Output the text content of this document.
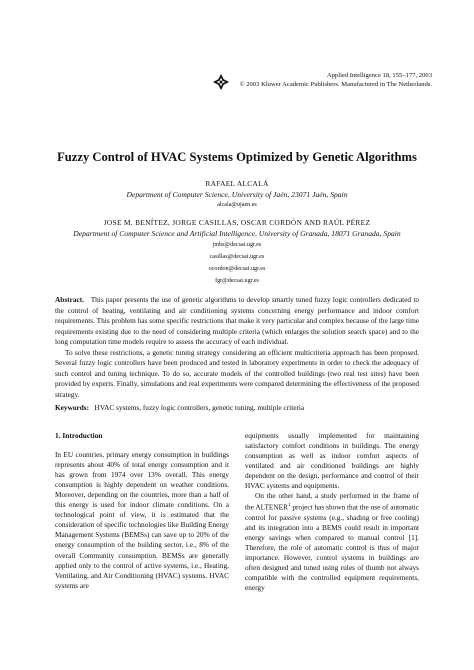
Applied Intelligence 18, 155–177, 2003
© 2003 Kluwer Academic Publishers. Manufactured in The Netherlands.
Fuzzy Control of HVAC Systems Optimized by Genetic Algorithms
RAFAEL ALCALÁ
Department of Computer Science, University of Jaén, 23071 Jaén, Spain
alcala@ujaen.es
JOSE M. BENÍTEZ, JORGE CASILLAS, OSCAR CORDÓN AND RAÚL PÉREZ
Department of Computer Science and Artificial Intelligence, University of Granada, 18071 Granada, Spain
jmbs@decsai.ugr.es
casillas@decsai.ugr.es
ocordon@decsai.ugr.es
fgr@decsai.ugr.es

Abstract. This paper presents the use of genetic algorithms to develop smartly tuned fuzzy logic controllers dedicated to the control of heating, ventilating and air conditioning systems concerning energy performance and indoor comfort requirements. This problem has some specific restrictions that make it very particular and complex because of the large time requirements existing due to the need of considering multiple criteria (which enlarges the solution search space) and to the long computation time models require to assess the accuracy of each individual.

To solve these restrictions, a genetic tuning strategy considering an efficient multicriteria approach has been proposed. Several fuzzy logic controllers have been produced and tested in laboratory experiments in order to check the adequacy of such control and tuning technique. To do so, accurate models of the controlled buildings (two real test sites) have been provided by experts. Finally, simulations and real experiments were compared determining the effectiveness of the proposed strategy.

Keywords: HVAC systems, fuzzy logic controllers, genetic tuning, multiple criteria

1. Introduction

In EU countries, primary energy consumption in buildings represents about 40% of total energy consumption and it has grown from 1974 over 13% overall. This energy consumption is highly dependent on weather conditions. Moreover, depending on the countries, more than a half of this energy is used for indoor climate conditions. On a technological point of view, it is estimated that the consideration of specific technologies like Building Energy Management Systems (BEMSs) can save up to 20% of the energy consumption of the building sector, i.e., 8% of the overall Community consumption. BEMSs are generally applied only to the control of active systems, i.e., Heating, Ventilating, and Air Conditioning (HVAC) systems. HVAC systems are

equipments usually implemented for maintaining satisfactory comfort conditions in buildings. The energy consumption as well as indoor comfort aspects of ventilated and air conditioned buildings are highly dependent on the design, performance and control of their HVAC systems and equipments.

On the other hand, a study performed in the frame of the ALTENER$^1$ project has shown that the use of automatic control for passive systems (e.g., shading or free cooling) and its integration into a BEMS could result in important energy savings when compared to manual control [1]. Therefore, the role of automatic control is thus of major importance. However, control systems in buildings are often designed and tuned using rules of thumb not always compatible with the controlled equipment requirements, energy
